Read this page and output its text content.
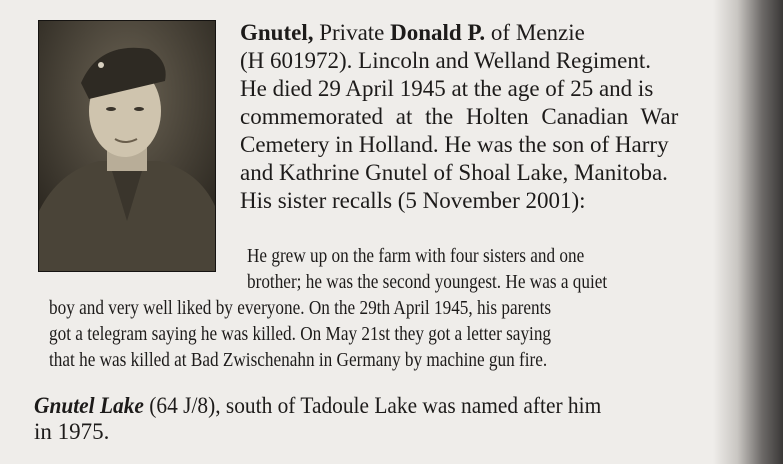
Gnutel, Private Donald P. of Menzie
(H 601972). Lincoln and Welland Regiment.
He died 29 April 1945 at the age of 25 and is
commemorated at the Holten Canadian War
Cemetery in Holland. He was the son of Harry
and Kathrine Gnutel of Shoal Lake, Manitoba.
His sister recalls (5 November 2001):
He grew up on the farm with four sisters and one
brother; he was the second youngest. He was a quiet
boy and very well liked by everyone. On the 29th April 1945, his parents
got a telegram saying he was killed. On May 21st they got a letter saying
that he was killed at Bad Zwischenahn in Germany by machine gun fire.
Gnutel Lake (64 J/8), south of Tadoule Lake was named after him
in 1975.
